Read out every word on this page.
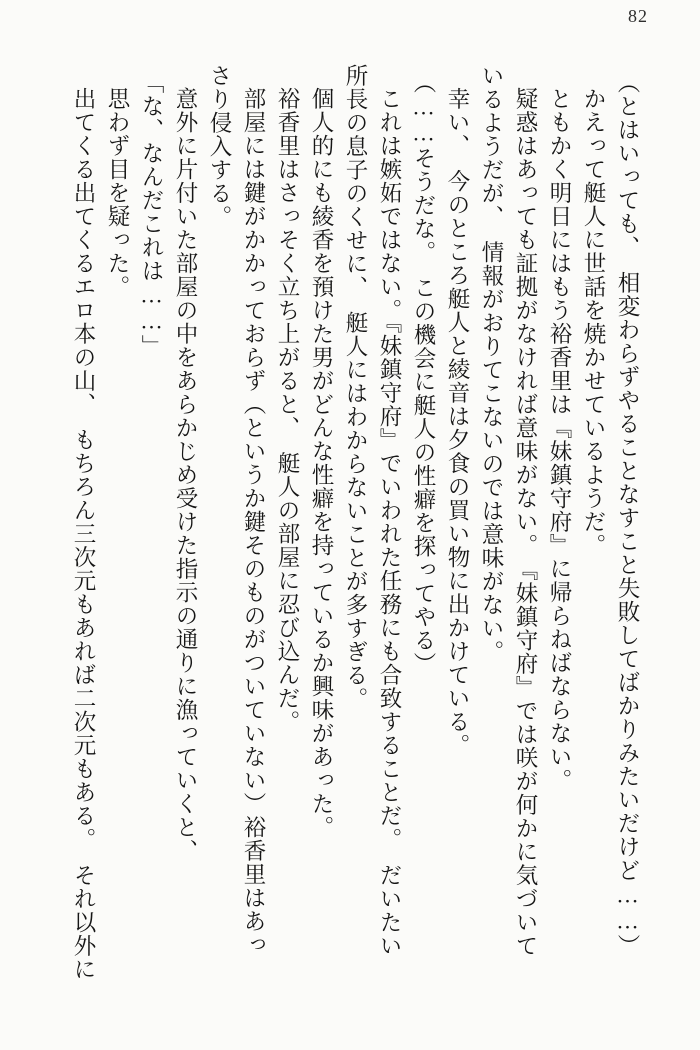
82

（とはいっても、　相変わらずやることなすこと失敗してばかりみたいだけど……）

かえって艇人に世話を焼かせているようだ。

ともかく明日にはもう裕香里は『妹鎮守府』に帰らねばならない。

疑惑はあっても証拠がなければ意味がない。　『妹鎮守府』では咲が何かに気づいて

いるようだが、　情報がおりてこないのでは意味がない。

幸い、　今のところ艇人と綾音は夕食の買い物に出かけている。

（……そうだな。　この機会に艇人の性癖を探ってやる）

これは嫉妬ではない。『妹鎮守府』でいわれた任務にも合致することだ。　だいたい

所長の息子のくせに、　艇人にはわからないことが多すぎる。

個人的にも綾香を預けた男がどんな性癖を持っているか興味があった。

裕香里はさっそく立ち上がると、　艇人の部屋に忍び込んだ。

部屋には鍵がかかっておらず（というか鍵そのものがついていない）裕香里はあっ

さり侵入する。

意外に片付いた部屋の中をあらかじめ受けた指示の通りに漁っていくと、

「な、なんだこれは……」

思わず目を疑った。

出てくる出てくるエロ本の山、　もちろん三次元もあれば二次元もある。　それ以外に
